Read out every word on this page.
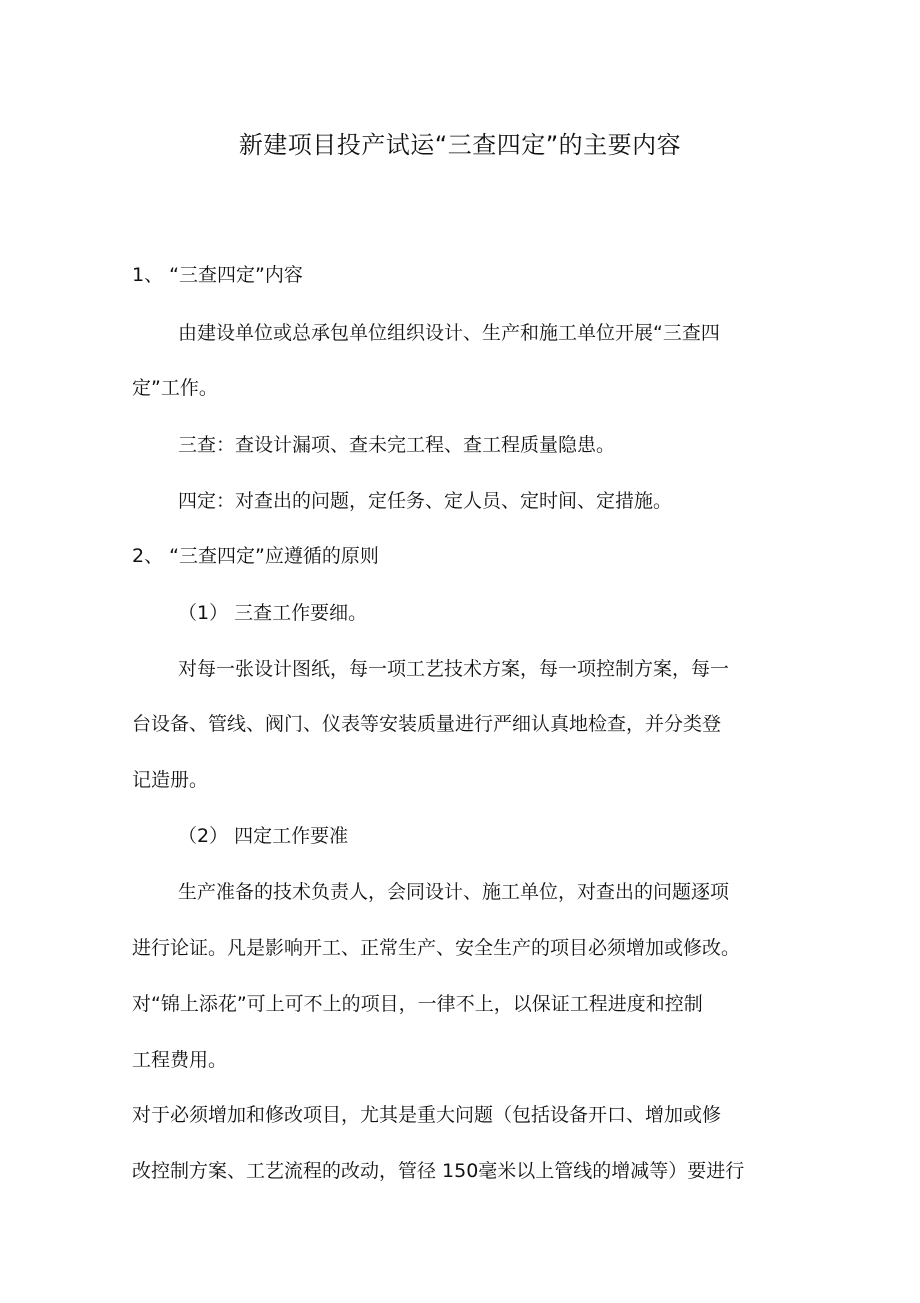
新建项目投产试运“三查四定”的主要内容
1、 “三查四定”内容
由建设单位或总承包单位组织设计、生产和施工单位开展“三查四
定”工作。
三查：查设计漏项、查未完工程、查工程质量隐患。
四定：对查出的问题，定任务、定人员、定时间、定措施。
2、 “三查四定”应遵循的原则
（1） 三查工作要细。
对每一张设计图纸，每一项工艺技术方案，每一项控制方案，每一
台设备、管线、阀门、仪表等安装质量进行严细认真地检查，并分类登
记造册。
（2） 四定工作要准
生产准备的技术负责人，会同设计、施工单位，对查出的问题逐项
进行论证。凡是影响开工、正常生产、安全生产的项目必须增加或修改。
对“锦上添花”可上可不上的项目，一律不上，以保证工程进度和控制
工程费用。
对于必须增加和修改项目，尤其是重大问题（包括设备开口、增加或修
改控制方案、工艺流程的改动，管径 150毫米以上管线的增减等）要进行
